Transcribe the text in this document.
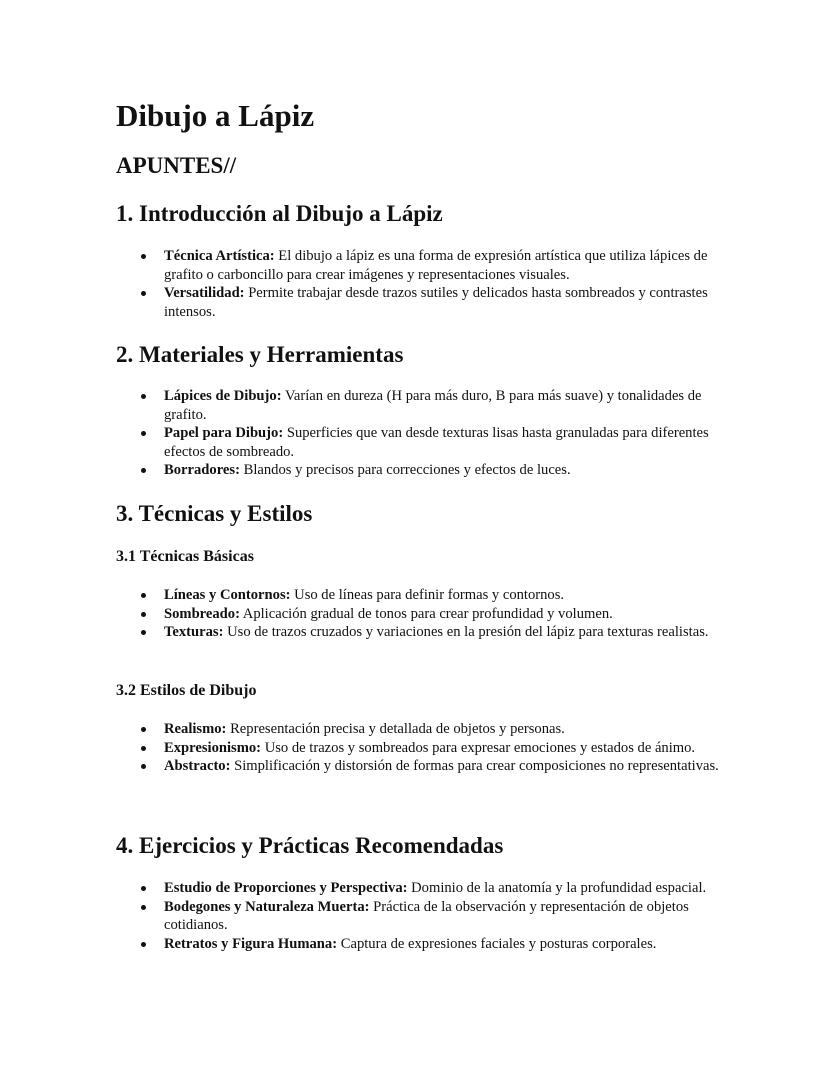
Dibujo a Lápiz
APUNTES//
1. Introducción al Dibujo a Lápiz
Técnica Artística: El dibujo a lápiz es una forma de expresión artística que utiliza lápices de grafito o carboncillo para crear imágenes y representaciones visuales.
Versatilidad: Permite trabajar desde trazos sutiles y delicados hasta sombreados y contrastes intensos.
2. Materiales y Herramientas
Lápices de Dibujo: Varían en dureza (H para más duro, B para más suave) y tonalidades de grafito.
Papel para Dibujo: Superficies que van desde texturas lisas hasta granuladas para diferentes efectos de sombreado.
Borradores: Blandos y precisos para correcciones y efectos de luces.
3. Técnicas y Estilos
3.1 Técnicas Básicas
Líneas y Contornos: Uso de líneas para definir formas y contornos.
Sombreado: Aplicación gradual de tonos para crear profundidad y volumen.
Texturas: Uso de trazos cruzados y variaciones en la presión del lápiz para texturas realistas.
3.2 Estilos de Dibujo
Realismo: Representación precisa y detallada de objetos y personas.
Expresionismo: Uso de trazos y sombreados para expresar emociones y estados de ánimo.
Abstracto: Simplificación y distorsión de formas para crear composiciones no representativas.
4. Ejercicios y Prácticas Recomendadas
Estudio de Proporciones y Perspectiva: Dominio de la anatomía y la profundidad espacial.
Bodegones y Naturaleza Muerta: Práctica de la observación y representación de objetos cotidianos.
Retratos y Figura Humana: Captura de expresiones faciales y posturas corporales.
